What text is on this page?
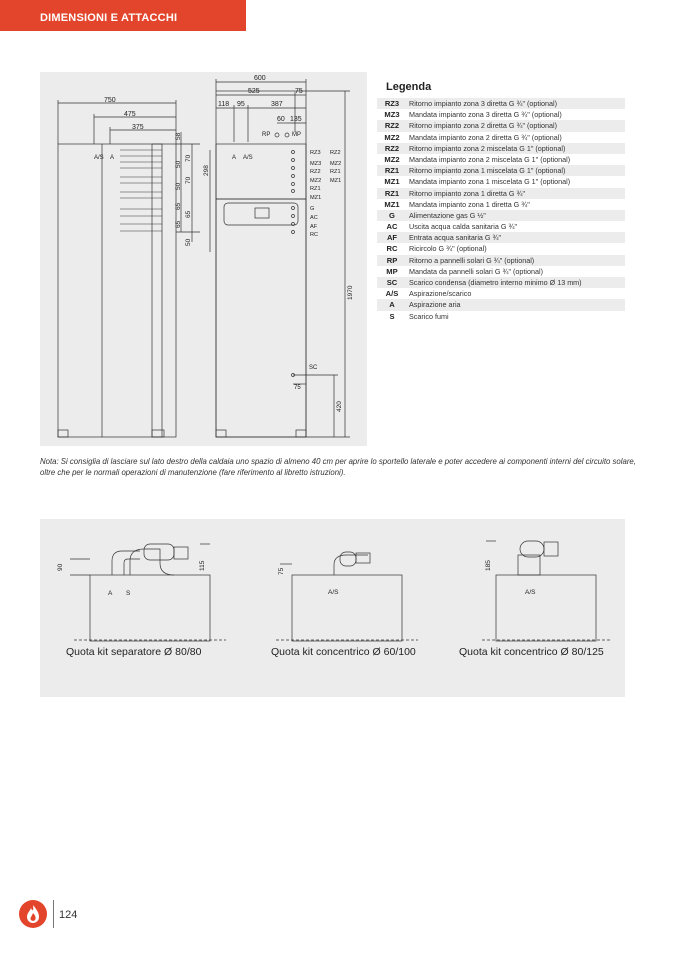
DIMENSIONI E ATTACCHI
750
475
375
A/S A
600
525	75
118 95	387
60 135
RP	MP
A A/S
SC
75
RZ3
MZ3
RZ2
MZ2
RZ1
MZ1
G
AC
AF
RC
RZ2
MZ2
RZ1
MZ1
58
50
70
50
70
298
65
65
65
50
1970
420
Legenda
RZ3	Ritorno impianto zona 3 diretta G ¾" (optional)
MZ3	Mandata impianto zona 3 diretta G ¾" (optional)
RZ2	Ritorno impianto zona 2 diretta G ¾" (optional)
MZ2	Mandata impianto zona 2 diretta G ¾" (optional)
RZ2	Ritorno impianto zona 2 miscelata G 1" (optional)
MZ2	Mandata impianto zona 2 miscelata G 1" (optional)
RZ1	Ritorno impianto zona 1 miscelata G 1" (optional)
MZ1	Mandata impianto zona 1 miscelata G 1" (optional)
RZ1	Ritorno impianto zona 1 diretta G ¾"
MZ1	Mandata impianto zona 1 diretta G ¾"
G	Alimentazione gas G ½"
AC	Uscita acqua calda sanitaria G ¾"
AF	Entrata acqua sanitaria G ¾"
RC	Ricircolo G ¾" (optional)
RP	Ritorno a pannelli solari G ¾" (optional)
MP	Mandata da pannelli solari G ¾" (optional)
SC	Scarico condensa (diametro interno minimo Ø 13 mm)
A/S	Aspirazione/scarico
A	Aspirazione aria
S	Scarico fumi
Nota: Si consiglia di lasciare sul lato destro della caldaia uno spazio di almeno 40 cm per aprire lo sportello laterale e poter accedere ai componenti interni del circuito solare, oltre che per le normali operazioni di manutenzione (fare riferimento al libretto istruzioni).
90	115
A S
75
A/S
185
A/S
Quota kit separatore Ø 80/80	Quota kit concentrico Ø 60/100	Quota kit concentrico Ø 80/125
124
